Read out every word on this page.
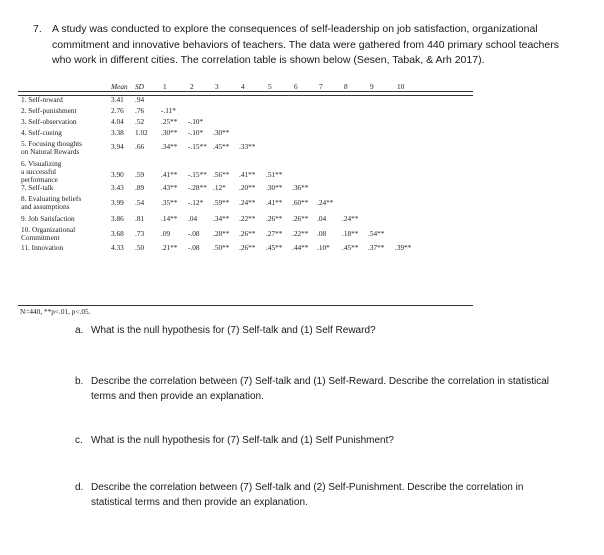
7. A study was conducted to explore the consequences of self-leadership on job satisfaction, organizational
commitment and innovative behaviors of teachers. The data were gathered from 440 primary school teachers
who work in different cities. The correlation table is shown below (Sesen, Tabak, & Arh 2017).
Mean SD	1	2	3	4	5	6	7	8	9	10
1. Self-reward	3.41 .94
2. Self-punishment	2.76 .76 -.11*
3. Self-observation	4.04 .52 .25** -.10*
4. Self-cueing	3.38 1.02 .30** -.10* .30**
5. Focusing thoughts
on Natural Rewards
3.94 .66 .34** -.15** .45** .33**
6. Visualizing
a successful
performance
3.90 .59 .41** -.15** .56** .41** .51**
7. Self-talk	3.43 .89 .43** -.28** .12* .20** .30** .36**
8. Evaluating beliefs
and assumptions	3.99 .54 .35** -.12* .59** .24** .41** .60** .24**
9. Job Satisfaction	3.86 .81 .14** .04 .34** .22** .26** .26** .04 .24**
10. Organizational
Commitment	3.68 .73 .09 -.08 .28** .26** .27** .22** .08 .18** .54**
11. Innovation	4.33 .50 .21** -.08 .50** .26** .45** .44** .10* .45** .37** .39**
N=440, **p<.01, p<.05.
a. What is the null hypothesis for (7) Self-talk and (1) Self Reward?
b. Describe the correlation between (7) Self-talk and (1) Self-Reward. Describe the correlation in statistical
terms and then provide an explanation.
c. What is the null hypothesis for (7) Self-talk and (1) Self Punishment?
d. Describe the correlation between (7) Self-talk and (2) Self-Punishment. Describe the correlation in
statistical terms and then provide an explanation.
